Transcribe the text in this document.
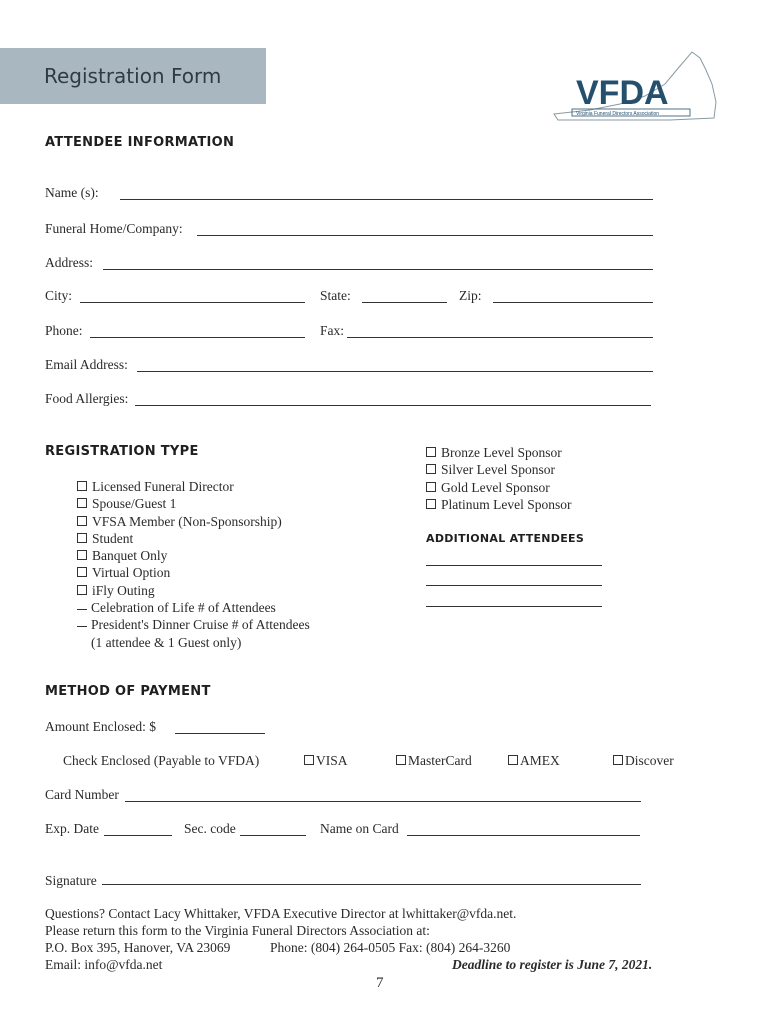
Registration Form	VFDA
Virginia Funeral Directors Association
ATTENDEE INFORMATION
Name (s):
Funeral Home/Company:
Address:
City:	State:	Zip:
Phone:	Fax:
Email Address:
Food Allergies:
REGISTRATION TYPE
Licensed Funeral Director
Spouse/Guest 1
VFSA Member (Non-Sponsorship)
Student
Banquet Only
Virtual Option
iFly Outing
Celebration of Life # of Attendees
President's Dinner Cruise # of Attendees
(1 attendee & 1 Guest only)
Bronze Level Sponsor
Silver Level Sponsor
Gold Level Sponsor
Platinum Level Sponsor
ADDITIONAL ATTENDEES
METHOD OF PAYMENT
Amount Enclosed: $
Check Enclosed (Payable to VFDA)	VISA	MasterCard	AMEX	Discover
Card Number
Exp. Date	Sec. code	Name on Card
Signature
Questions? Contact Lacy Whittaker, VFDA Executive Director at lwhittaker@vfda.net.
Please return this form to the Virginia Funeral Directors Association at:
P.O. Box 395, Hanover, VA 23069	Phone: (804) 264-0505 Fax: (804) 264-3260
Email: info@vfda.net	Deadline to register is June 7, 2021.
7
